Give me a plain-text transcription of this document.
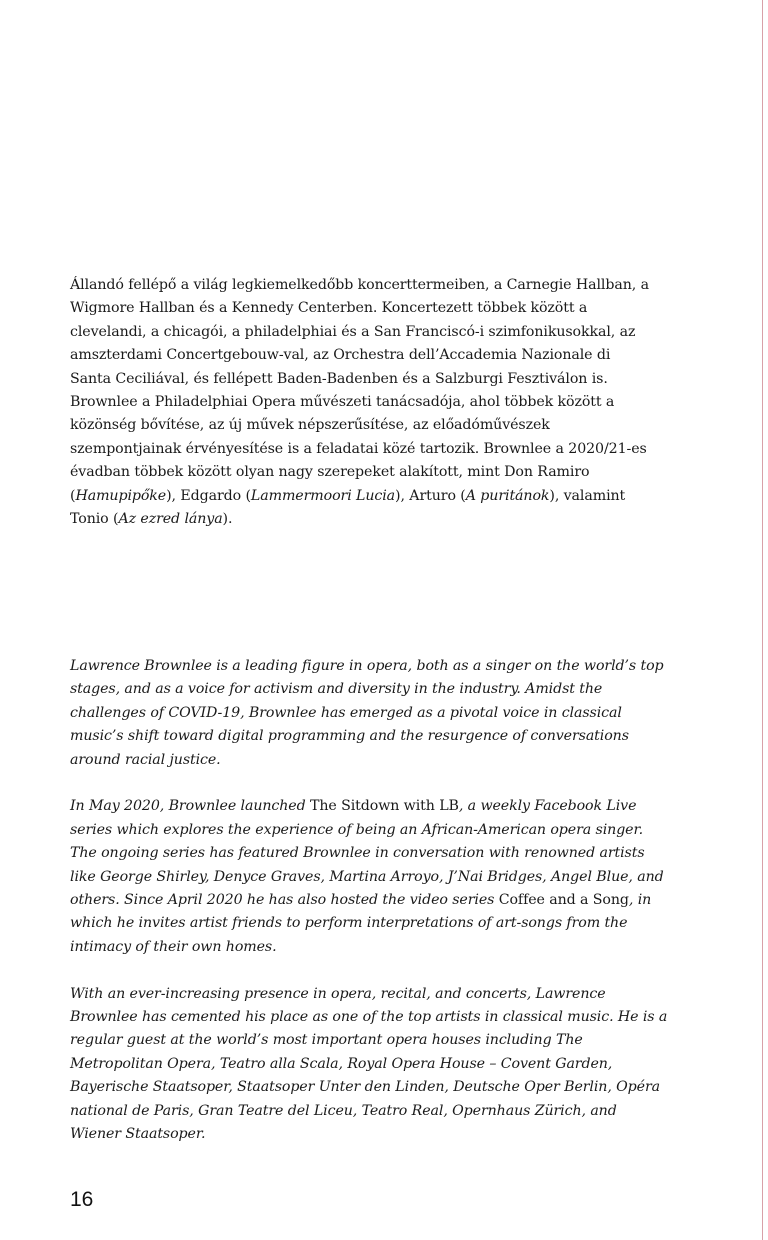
Állandó fellépő a világ legkiemelkedőbb koncerttermeiben, a Carnegie Hallban, a Wigmore Hallban és a Kennedy Centerben. Koncertezett többek között a clevelandi, a chicagói, a philadelphiai és a San Franciscó-i szimfonikusokkal, az amszterdami Concertgebouw-val, az Orchestra dell’Accademia Nazionale di Santa Ceciliával, és fellépett Baden-Badenben és a Salzburgi Fesztiválon is. Brownlee a Philadelphiai Opera művészeti tanácsadója, ahol többek között a közönség bővítése, az új művek népszerűsítése, az előadóművészek szempontjainak érvényesítése is a feladatai közé tartozik. Brownlee a 2020/21-es évadban többek között olyan nagy szerepeket alakított, mint Don Ramiro (Hamupipőke), Edgardo (Lammermoori Lucia), Arturo (A puritánok), valamint Tonio (Az ezred lánya).

Lawrence Brownlee is a leading figure in opera, both as a singer on the world’s top stages, and as a voice for activism and diversity in the industry. Amidst the challenges of COVID-19, Brownlee has emerged as a pivotal voice in classical music’s shift toward digital programming and the resurgence of conversations around racial justice.

In May 2020, Brownlee launched The Sitdown with LB, a weekly Facebook Live series which explores the experience of being an African-American opera singer. The ongoing series has featured Brownlee in conversation with renowned artists like George Shirley, Denyce Graves, Martina Arroyo, J’Nai Bridges, Angel Blue, and others. Since April 2020 he has also hosted the video series Coffee and a Song, in which he invites artist friends to perform interpretations of art-songs from the intimacy of their own homes.

With an ever-increasing presence in opera, recital, and concerts, Lawrence Brownlee has cemented his place as one of the top artists in classical music. He is a regular guest at the world’s most important opera houses including The Metropolitan Opera, Teatro alla Scala, Royal Opera House – Covent Garden, Bayerische Staatsoper, Staatsoper Unter den Linden, Deutsche Oper Berlin, Opéra national de Paris, Gran Teatre del Liceu, Teatro Real, Opernhaus Zürich, and Wiener Staatsoper.

16
